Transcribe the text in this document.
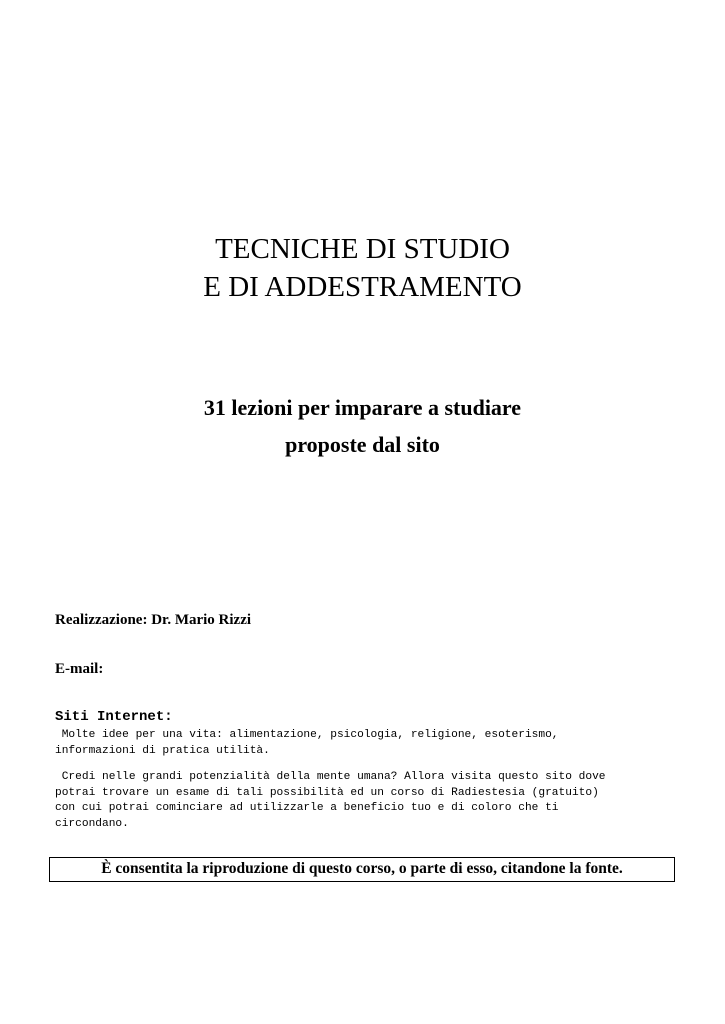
TECNICHE DI STUDIO
E DI ADDESTRAMENTO
31 lezioni per imparare a studiare
proposte dal sito
Realizzazione: Dr. Mario Rizzi
E-mail:
Siti Internet:
Molte idee per una vita: alimentazione, psicologia, religione, esoterismo,
informazioni di pratica utilità.
Credi nelle grandi potenzialità della mente umana? Allora visita questo sito dove
potrai trovare un esame di tali possibilità ed un corso di Radiestesia (gratuito)
con cui potrai cominciare ad utilizzarle a beneficio tuo e di coloro che ti
circondano.
È consentita la riproduzione di questo corso, o parte di esso, citandone la fonte.
